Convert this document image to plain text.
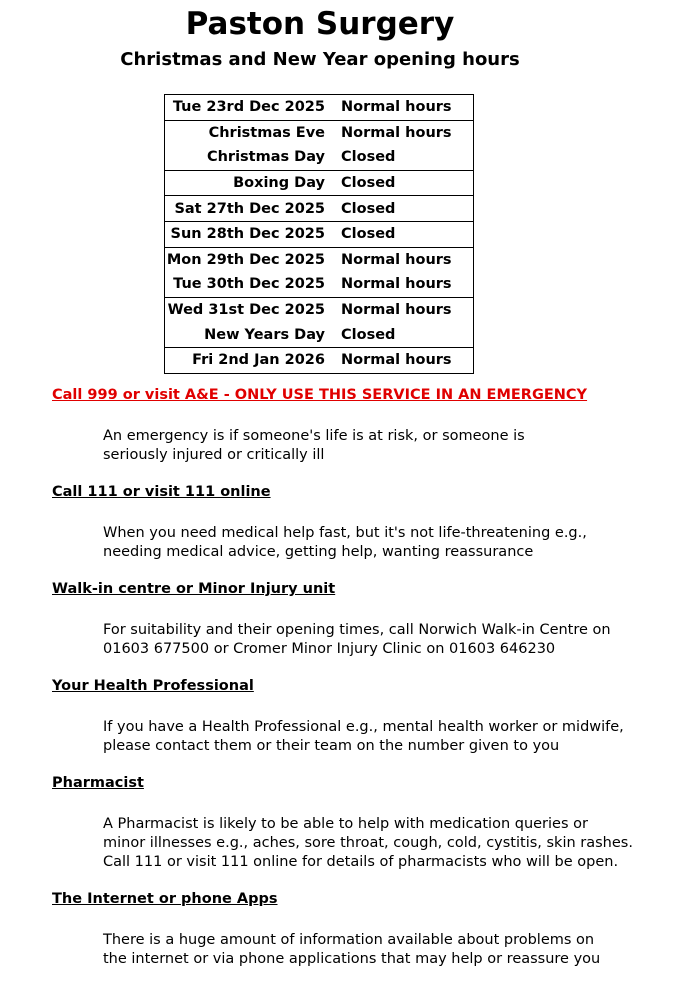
Paston Surgery
Christmas and New Year opening hours
Tue 23rd Dec 2025	Normal hours
Christmas Eve	Normal hours
Christmas Day	Closed
Boxing Day	Closed
Sat 27th Dec 2025	Closed
Sun 28th Dec 2025	Closed
Mon 29th Dec 2025	Normal hours
Tue 30th Dec 2025	Normal hours
Wed 31st Dec 2025	Normal hours
New Years Day	Closed
Fri 2nd Jan 2026	Normal hours

Call 999 or visit A&E - ONLY USE THIS SERVICE IN AN EMERGENCY

An emergency is if someone's life is at risk, or someone is
seriously injured or critically ill

Call 111 or visit 111 online

When you need medical help fast, but it's not life-threatening e.g.,
needing medical advice, getting help, wanting reassurance

Walk-in centre or Minor Injury unit

For suitability and their opening times, call Norwich Walk-in Centre on
01603 677500 or Cromer Minor Injury Clinic on 01603 646230

Your Health Professional

If you have a Health Professional e.g., mental health worker or midwife,
please contact them or their team on the number given to you

Pharmacist

A Pharmacist is likely to be able to help with medication queries or
minor illnesses e.g., aches, sore throat, cough, cold, cystitis, skin rashes.
Call 111 or visit 111 online for details of pharmacists who will be open.

The Internet or phone Apps

There is a huge amount of information available about problems on
the internet or via phone applications that may help or reassure you
